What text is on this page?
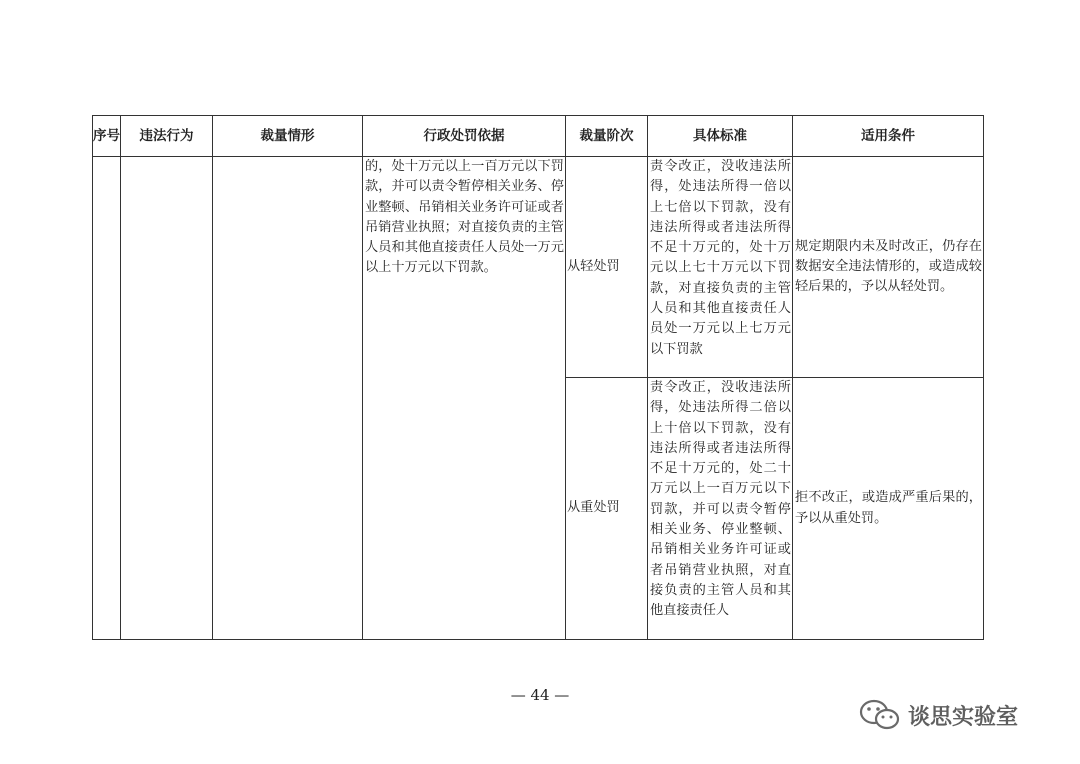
序号	违法行为	裁量情形	行政处罚依据	裁量阶次	具体标准	适用条件

			的，处十万元以上一百万元以下罚款，并可以责令暂停相关业务、停业整顿、吊销相关业务许可证或者吊销营业执照；对直接负责的主管人员和其他直接责任人员处一万元以上十万元以下罚款。	从轻处罚	责令改正，没收违法所得，处违法所得一倍以上七倍以下罚款，没有违法所得或者违法所得不足十万元的，处十万元以上七十万元以下罚款，对直接负责的主管人员和其他直接责任人员处一万元以上七万元以下罚款	规定期限内未及时改正，仍存在数据安全违法情形的，或造成较轻后果的，予以从轻处罚。

				从重处罚	责令改正，没收违法所得，处违法所得二倍以上十倍以下罚款，没有违法所得或者违法所得不足十万元的，处二十万元以上一百万元以下罚款，并可以责令暂停相关业务、停业整顿、吊销相关业务许可证或者吊销营业执照，对直接负责的主管人员和其他直接责任人	拒不改正，或造成严重后果的，予以从重处罚。
— 44 —
谈思实验室
